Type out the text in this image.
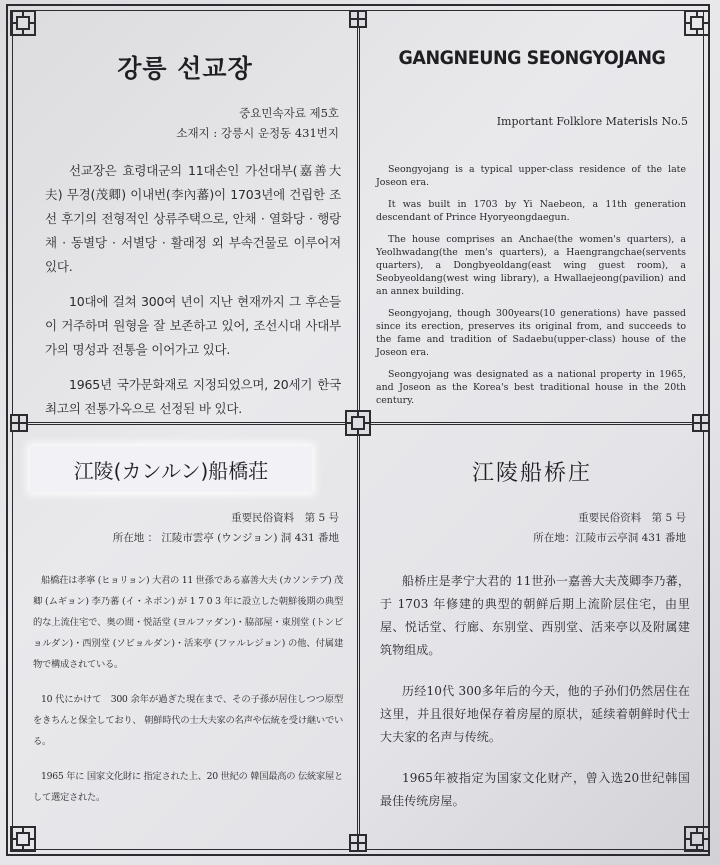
강릉 선교장
중요민속자료 제5호
소재지 : 강릉시 운정동 431번지

선교장은 효령대군의 11대손인 가선대부(嘉善大夫) 무경(茂卿) 이내번(李內蕃)이 1703년에 건립한 조선 후기의 전형적인 상류주택으로, 안채 · 열화당 · 행랑채 · 동별당 · 서별당 · 활래정 외 부속건물로 이루어져 있다.

10대에 걸쳐 300여 년이 지난 현재까지 그 후손들이 거주하며 원형을 잘 보존하고 있어, 조선시대 사대부가의 명성과 전통을 이어가고 있다.

1965년 국가문화재로 지정되었으며, 20세기 한국 최고의 전통가옥으로 선정된 바 있다.

GANGNEUNG SEONGYOJANG
Important Folklore Materisls No.5

Seongyojang is a typical upper-class residence of the late Joseon era.

It was built in 1703 by Yi Naebeon, a 11th generation descendant of Prince Hyoryeongdaegun.

The house comprises an Anchae(the women's quarters), a Yeolhwadang(the men's quarters), a Haengrangchae(servents quarters), a Dongbyeoldang(east wing guest room), a Seobyeoldang(west wing library), a Hwallaejeong(pavilion) and an annex building.

Seongyojang, though 300years(10 generations) have passed since its erection, preserves its original from, and succeeds to the fame and tradition of Sadaebu(upper-class) house of the Joseon era.

Seongyojang was designated as a national property in 1965, and Joseon as the Korea's best traditional house in the 20th century.

江陵(カンルン)船橋荘
重要民俗資料　第 5 号
所在地 ： 江陵市雲亭 (ウンジョン) 洞 431 番地

船橋荘は孝寧 (ヒョリョン) 大君の 11 世孫である嘉善大夫 (カソンテブ) 茂卿 (ムギョン) 李乃蕃 (イ・ネボン) が 1 7 0 3 年に設立した朝鮮後期の典型的な上流住宅で、奥の間・悦話堂 (ヨルファダン)・脇部屋・東別堂 (トンビョルダン)・西別堂 (ソビョルダン)・活来亭 (ファルレジョン) の他、付属建物で構成されている。

10 代にかけて　300 余年が過ぎた現在まで、その子孫が居住しつつ原型をきちんと保全しており、 朝鮮時代の士大夫家の名声や伝統を受け継いでいる。

1965 年に 国家文化財に 指定された上、20 世紀の 韓国最高の 伝統家屋として選定された。

江陵船桥庄
重要民俗资料　第 5 号
所在地：江陵市云亭洞 431 番地

船桥庄是孝宁大君的 11世孙一嘉善大夫茂卿李乃蕃，于 1703 年修建的典型的朝鲜后期上流阶层住宅，由里屋、悦话堂、行廊、东别堂、西别堂、活来亭以及附属建筑物组成。

历经10代 300多年后的今天，他的子孙们仍然居住在这里，并且很好地保存着房屋的原状，延续着朝鲜时代士大夫家的名声与传统。

1965年被指定为国家文化财产，曾入选20世纪韩国最佳传统房屋。
